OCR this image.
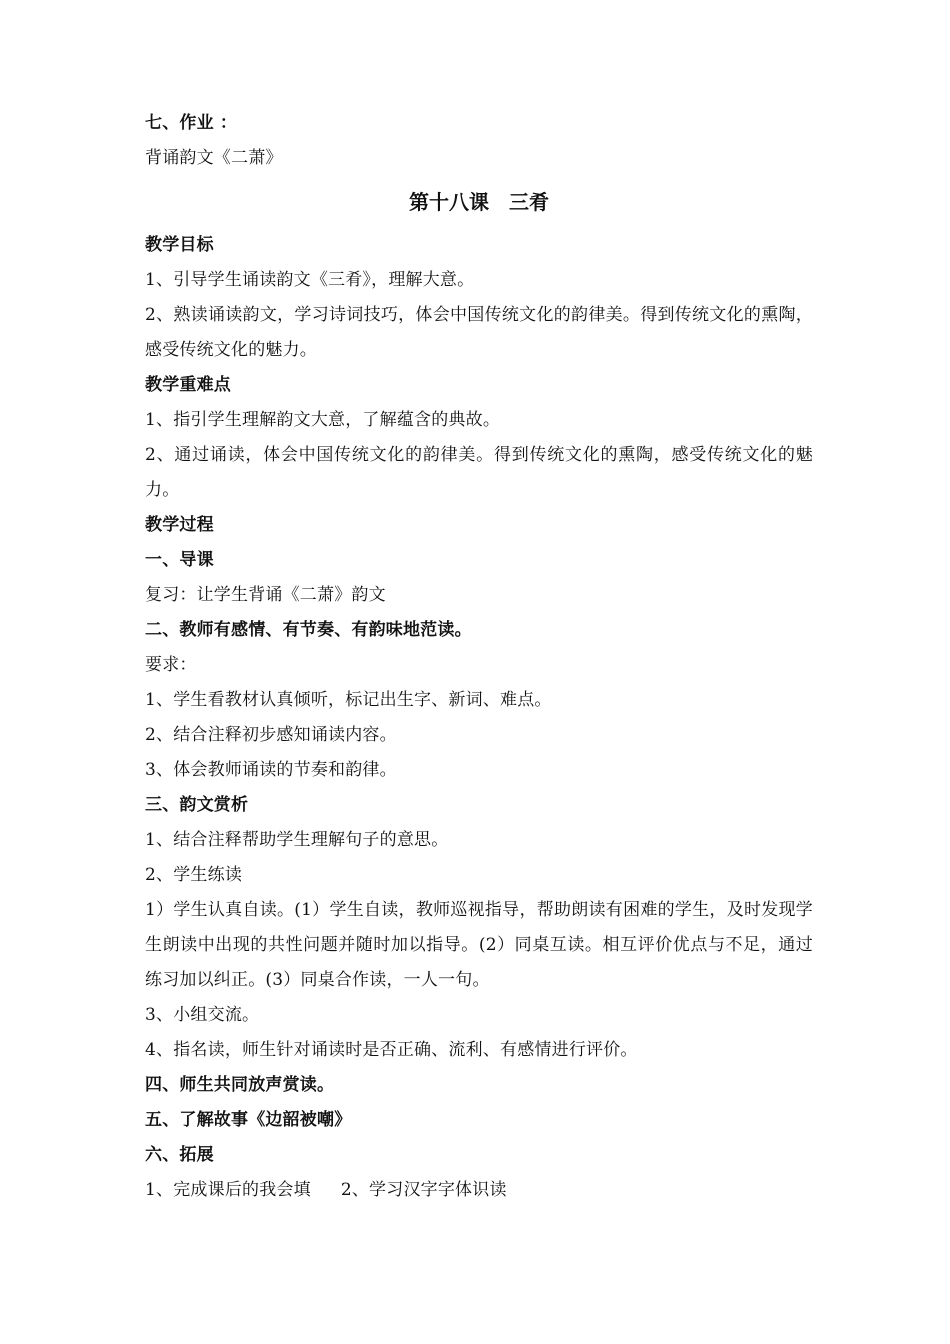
七、作业 ：
背诵韵文《二萧》
第十八课　三肴
教学目标
1、引导学生诵读韵文《三肴》，理解大意。
2、熟读诵读韵文，学习诗词技巧，体会中国传统文化的韵律美。得到传统文化的熏陶，感受传统文化的魅力。
教学重难点
1、指引学生理解韵文大意，了解蕴含的典故。
2、通过诵读，体会中国传统文化的韵律美。得到传统文化的熏陶，感受传统文化的魅力。
教学过程
一、导课
复习：让学生背诵《二萧》韵文
二、教师有感情、有节奏、有韵味地范读。
要求：
1、学生看教材认真倾听，标记出生字、新词、难点。
2、结合注释初步感知诵读内容。
3、体会教师诵读的节奏和韵律。
三、韵文赏析
1、结合注释帮助学生理解句子的意思。
2、学生练读
1）学生认真自读。(1）学生自读，教师巡视指导，帮助朗读有困难的学生，及时发现学生朗读中出现的共性问题并随时加以指导。(2）同桌互读。相互评价优点与不足，通过练习加以纠正。(3）同桌合作读，一人一句。
3、小组交流。
4、指名读，师生针对诵读时是否正确、流利、有感情进行评价。
四、师生共同放声赏读。
五、了解故事《边韶被嘲》
六、拓展
1、完成课后的我会填 2、学习汉字字体识读
